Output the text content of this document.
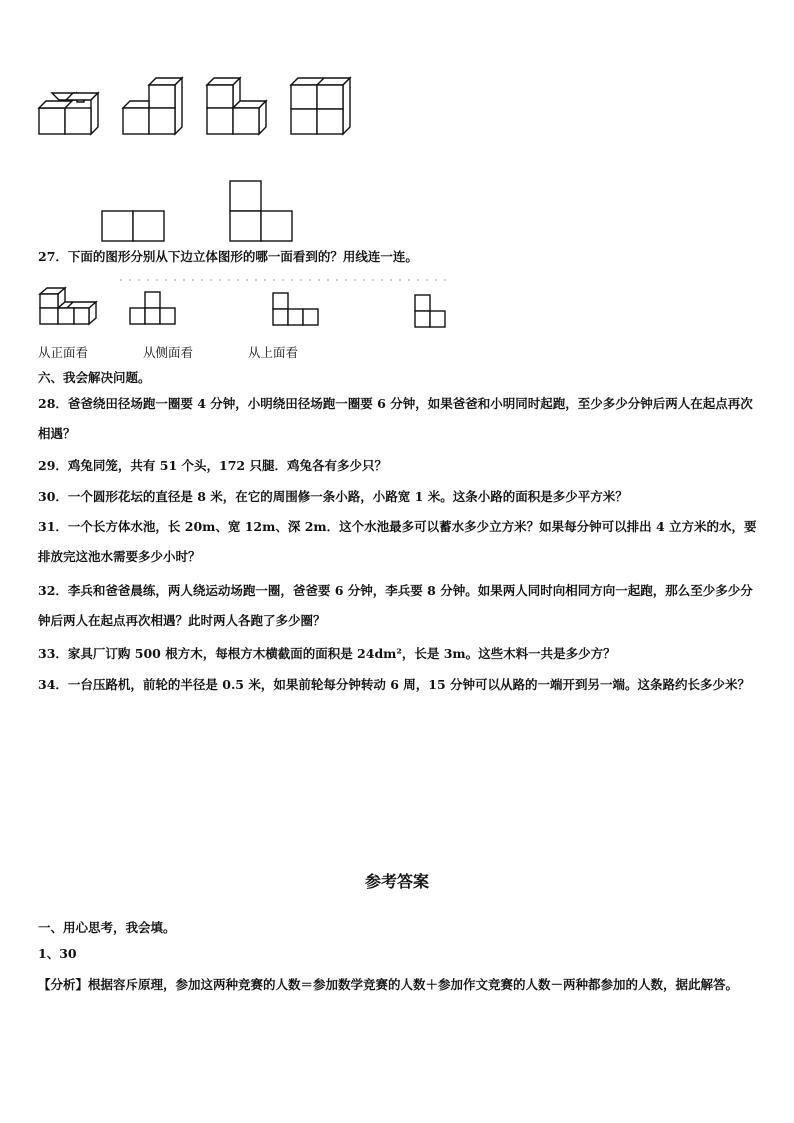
27．下面的图形分别从下边立体图形的哪一面看到的？用线连一连。
从正面看	从侧面看	从上面看
六、我会解决问题。
28．爸爸绕田径场跑一圈要 4 分钟，小明绕田径场跑一圈要 6 分钟，如果爸爸和小明同时起跑，至少多少分钟后两人在起点再次相遇？
29．鸡兔同笼，共有 51 个头，172 只腿．鸡兔各有多少只？
30．一个圆形花坛的直径是 8 米，在它的周围修一条小路，小路宽 1 米。这条小路的面积是多少平方米？
31．一个长方体水池，长 20m、宽 12m、深 2m．这个水池最多可以蓄水多少立方米？如果每分钟可以排出 4 立方米的水，要排放完这池水需要多少小时？
32．李兵和爸爸晨练，两人绕运动场跑一圈，爸爸要 6 分钟，李兵要 8 分钟。如果两人同时向相同方向一起跑，那么至少多少分钟后两人在起点再次相遇？此时两人各跑了多少圈？
33．家具厂订购 500 根方木，每根方木横截面的面积是 24dm²，长是 3m。这些木料一共是多少方？
34．一台压路机，前轮的半径是 0.5 米，如果前轮每分钟转动 6 周，15 分钟可以从路的一端开到另一端。这条路约长多少米？
参考答案
一、用心思考，我会填。
1、30
【分析】根据容斥原理，参加这两种竞赛的人数＝参加数学竞赛的人数＋参加作文竞赛的人数－两种都参加的人数，据此解答。
